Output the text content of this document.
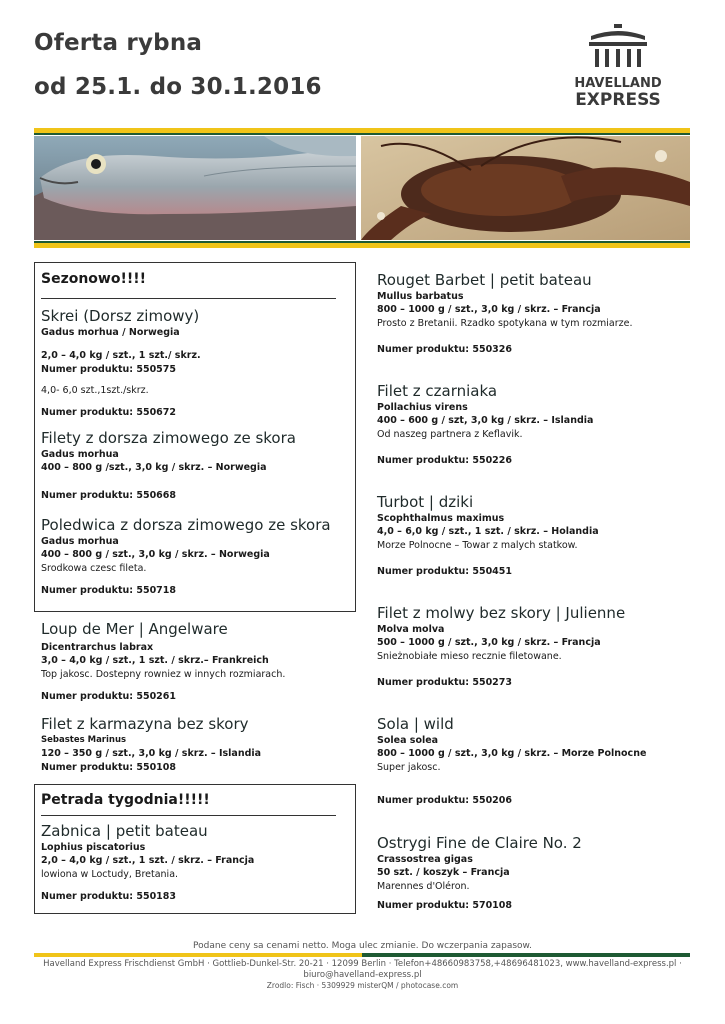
Oferta rybna
od 25.1. do 30.1.2016	HAVELLAND
EXPRESS
Sezonowo!!!!
Skrei (Dorsz zimowy)
Gadus morhua / Norwegia
2,0 – 4,0 kg / szt., 1 szt./ skrz.
Numer produktu: 550575
4,0- 6,0 szt.,1szt./skrz.
Numer produktu: 550672
Filety z dorsza zimowego ze skora
Gadus morhua
400 – 800 g /szt., 3,0 kg / skrz. – Norwegia
Numer produktu: 550668
Poledwica z dorsza zimowego ze skora
Gadus morhua
400 – 800 g / szt., 3,0 kg / skrz. – Norwegia
Srodkowa czesc fileta.
Numer produktu: 550718
Loup de Mer | Angelware
Dicentrarchus labrax
3,0 – 4,0 kg / szt., 1 szt. / skrz.– Frankreich
Top jakosc. Dostepny rowniez w innych rozmiarach.
Numer produktu: 550261
Filet z karmazyna bez skory
Sebastes Marinus
120 – 350 g / szt., 3,0 kg / skrz. – Islandia
Numer produktu: 550108
Petrada tygodnia!!!!!
Zabnica | petit bateau
Lophius piscatorius
2,0 – 4,0 kg / szt., 1 szt. / skrz. – Francja
lowiona w Loctudy, Bretania.
Numer produktu: 550183
Rouget Barbet | petit bateau
Mullus barbatus
800 – 1000 g / szt., 3,0 kg / skrz. – Francja
Prosto z Bretanii. Rzadko spotykana w tym rozmiarze.
Numer produktu: 550326
Filet z czarniaka
Pollachius virens
400 – 600 g / szt, 3,0 kg / skrz. – Islandia
Od naszeg partnera z Keflavik.
Numer produktu: 550226
Turbot | dziki
Scophthalmus maximus
4,0 – 6,0 kg / szt., 1 szt. / skrz. – Holandia
Morze Polnocne – Towar z malych statkow.
Numer produktu: 550451
Filet z molwy bez skory | Julienne
Molva molva
500 – 1000 g / szt., 3,0 kg / skrz. – Francja
Snieżnobiałe mieso recznie filetowane.
Numer produktu: 550273
Sola | wild
Solea solea
800 – 1000 g / szt., 3,0 kg / skrz. – Morze Polnocne
Super jakosc.
Numer produktu: 550206
Ostrygi Fine de Claire No. 2
Crassostrea gigas
50 szt. / koszyk – Francja
Marennes d'Oléron.
Numer produktu: 570108
Podane ceny sa cenami netto. Moga ulec zmianie. Do wczerpania zapasow.
Havelland Express Frischdienst GmbH · Gottlieb-Dunkel-Str. 20-21 · 12099 Berlin · Telefon+48660983758,+48696481023, www.havelland-express.pl ·
biuro@havelland-express.pl
Zrodlo: Fisch · 5309929 misterQM / photocase.com
